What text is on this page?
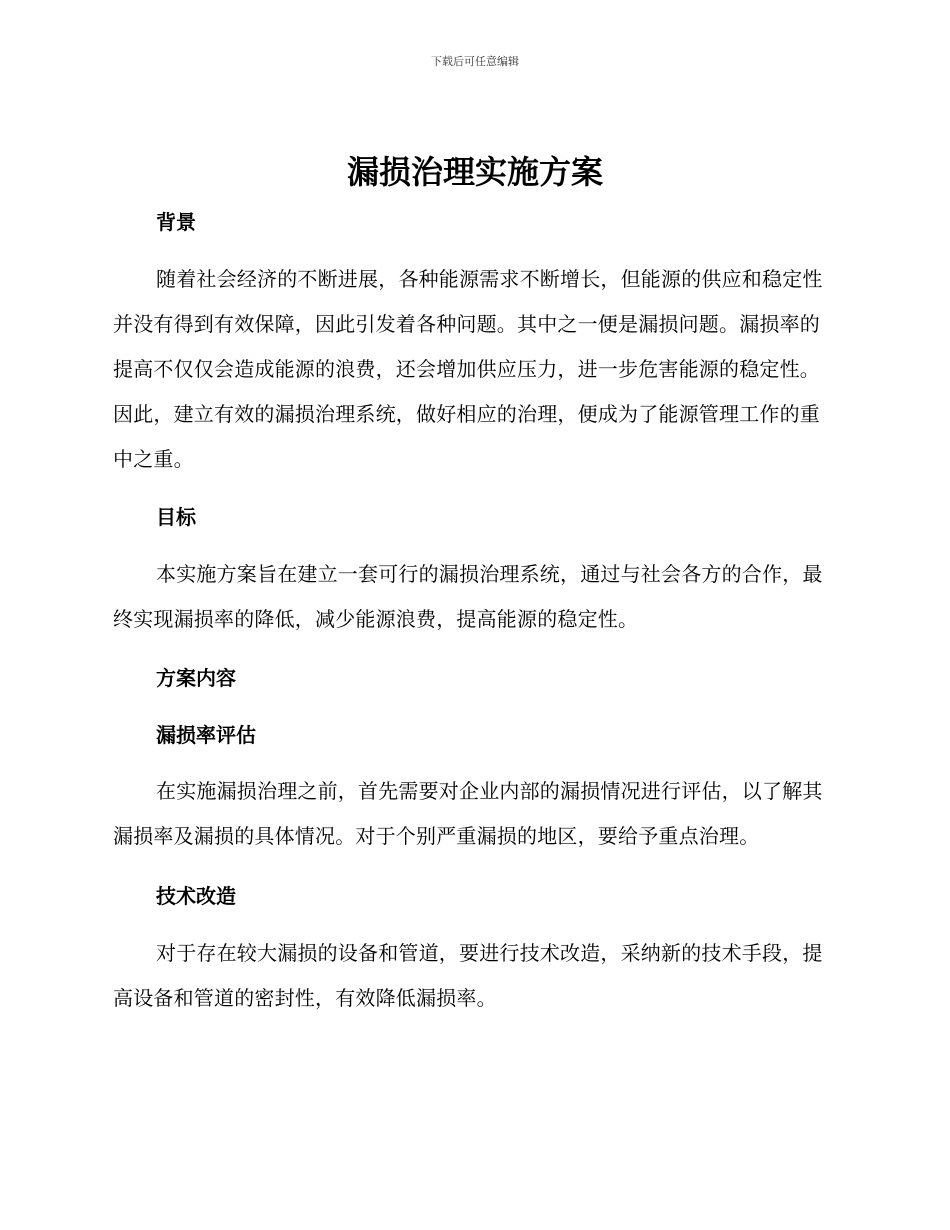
下载后可任意编辑
漏损治理实施方案
背景

随着社会经济的不断进展，各种能源需求不断增长，但能源的供应和稳定性并没有得到有效保障，因此引发着各种问题。其中之一便是漏损问题。漏损率的提高不仅仅会造成能源的浪费，还会增加供应压力，进一步危害能源的稳定性。因此，建立有效的漏损治理系统，做好相应的治理，便成为了能源管理工作的重中之重。

目标

本实施方案旨在建立一套可行的漏损治理系统，通过与社会各方的合作，最终实现漏损率的降低，减少能源浪费，提高能源的稳定性。

方案内容
漏损率评估

在实施漏损治理之前，首先需要对企业内部的漏损情况进行评估，以了解其漏损率及漏损的具体情况。对于个别严重漏损的地区，要给予重点治理。

技术改造

对于存在较大漏损的设备和管道，要进行技术改造，采纳新的技术手段，提高设备和管道的密封性，有效降低漏损率。
